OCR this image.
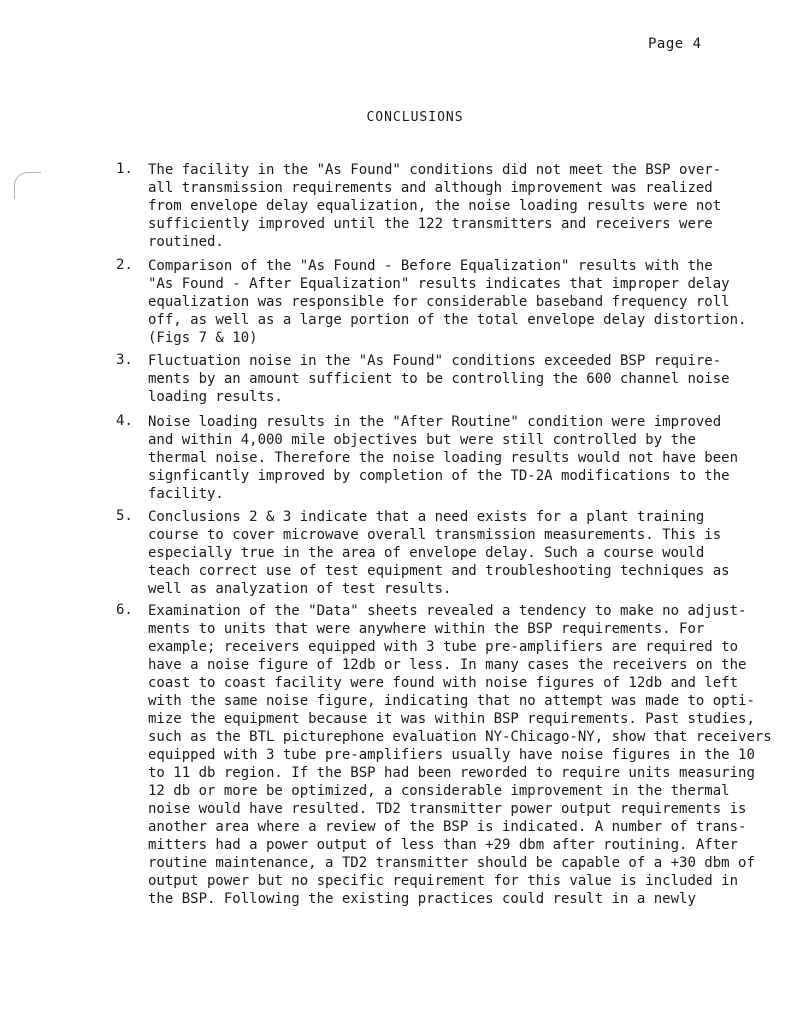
Page 4
CONCLUSIONS
1. The facility in the "As Found" conditions did not meet the BSP over-
all transmission requirements and although improvement was realized
from envelope delay equalization, the noise loading results were not
sufficiently improved until the 122 transmitters and receivers were
routined.
2. Comparison of the "As Found - Before Equalization" results with the
"As Found - After Equalization" results indicates that improper delay
equalization was responsible for considerable baseband frequency roll
off, as well as a large portion of the total envelope delay distortion.
(Figs 7 & 10)
3. Fluctuation noise in the "As Found" conditions exceeded BSP require-
ments by an amount sufficient to be controlling the 600 channel noise
loading results.
4. Noise loading results in the "After Routine" condition were improved
and within 4,000 mile objectives but were still controlled by the
thermal noise. Therefore the noise loading results would not have been
signficantly improved by completion of the TD-2A modifications to the
facility.
5. Conclusions 2 & 3 indicate that a need exists for a plant training
course to cover microwave overall transmission measurements. This is
especially true in the area of envelope delay. Such a course would
teach correct use of test equipment and troubleshooting techniques as
well as analyzation of test results.
6. Examination of the "Data" sheets revealed a tendency to make no adjust-
ments to units that were anywhere within the BSP requirements. For
example; receivers equipped with 3 tube pre-amplifiers are required to
have a noise figure of 12db or less. In many cases the receivers on the
coast to coast facility were found with noise figures of 12db and left
with the same noise figure, indicating that no attempt was made to opti-
mize the equipment because it was within BSP requirements. Past studies,
such as the BTL picturephone evaluation NY-Chicago-NY, show that receivers
equipped with 3 tube pre-amplifiers usually have noise figures in the 10
to 11 db region. If the BSP had been reworded to require units measuring
12 db or more be optimized, a considerable improvement in the thermal
noise would have resulted. TD2 transmitter power output requirements is
another area where a review of the BSP is indicated. A number of trans-
mitters had a power output of less than +29 dbm after routining. After
routine maintenance, a TD2 transmitter should be capable of a +30 dbm of
output power but no specific requirement for this value is included in
the BSP. Following the existing practices could result in a newly
